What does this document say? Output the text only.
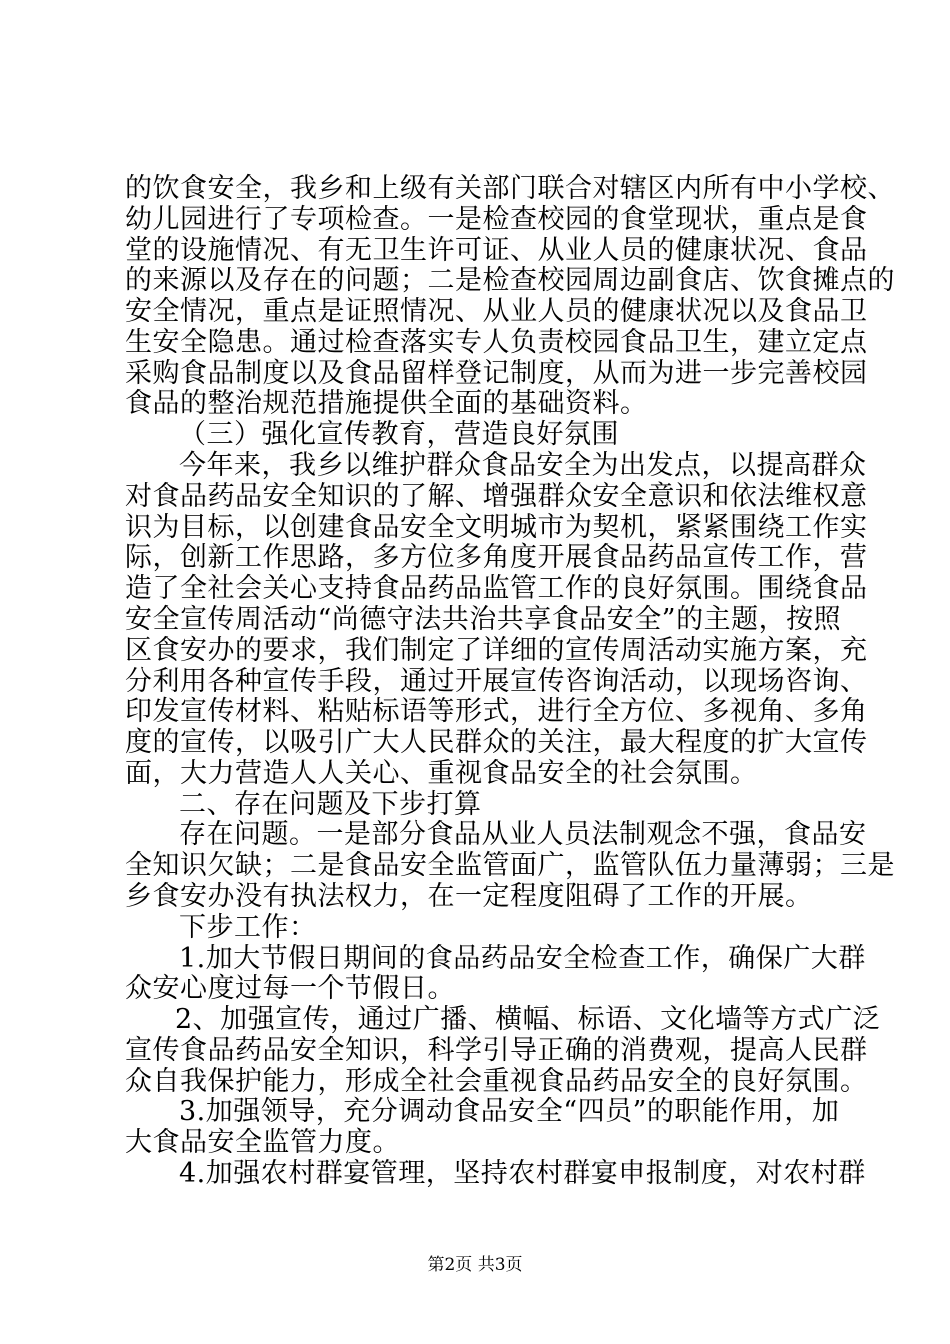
的饮食安全，我乡和上级有关部门联合对辖区内所有中小学校、
幼儿园进行了专项检查。一是检查校园的食堂现状，重点是食
堂的设施情况、有无卫生许可证、从业人员的健康状况、食品
的来源以及存在的问题；二是检查校园周边副食店、饮食摊点的
安全情况，重点是证照情况、从业人员的健康状况以及食品卫
生安全隐患。通过检查落实专人负责校园食品卫生，建立定点
采购食品制度以及食品留样登记制度，从而为进一步完善校园
食品的整治规范措施提供全面的基础资料。
（三）强化宣传教育，营造良好氛围
今年来，我乡以维护群众食品安全为出发点，以提高群众
对食品药品安全知识的了解、增强群众安全意识和依法维权意
识为目标，以创建食品安全文明城市为契机，紧紧围绕工作实
际，创新工作思路，多方位多角度开展食品药品宣传工作，营
造了全社会关心支持食品药品监管工作的良好氛围。围绕食品
安全宣传周活动“尚德守法共治共享食品安全”的主题，按照
区食安办的要求，我们制定了详细的宣传周活动实施方案，充
分利用各种宣传手段，通过开展宣传咨询活动，以现场咨询、
印发宣传材料、粘贴标语等形式，进行全方位、多视角、多角
度的宣传，以吸引广大人民群众的关注，最大程度的扩大宣传
面，大力营造人人关心、重视食品安全的社会氛围。
二、存在问题及下步打算
存在问题。一是部分食品从业人员法制观念不强，食品安
全知识欠缺；二是食品安全监管面广，监管队伍力量薄弱；三是
乡食安办没有执法权力，在一定程度阻碍了工作的开展。
下步工作：
1.加大节假日期间的食品药品安全检查工作，确保广大群
众安心度过每一个节假日。
2、加强宣传，通过广播、横幅、标语、文化墙等方式广泛
宣传食品药品安全知识，科学引导正确的消费观，提高人民群
众自我保护能力，形成全社会重视食品药品安全的良好氛围。
3.加强领导，充分调动食品安全“四员”的职能作用，加
大食品安全监管力度。
第2页 共3页
4.加强农村群宴管理，坚持农村群宴申报制度，对农村群
